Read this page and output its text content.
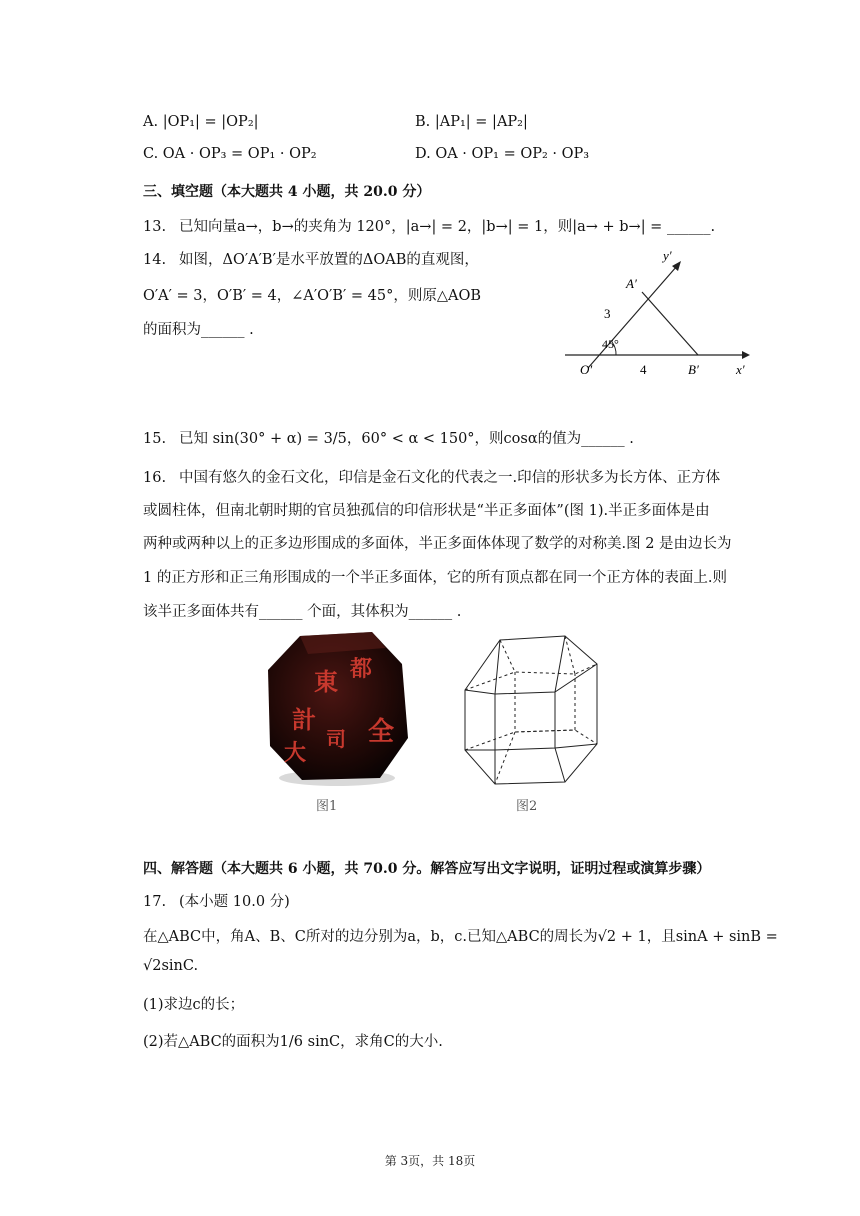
A. |OP₁| = |OP₂|	B. |AP₁| = |AP₂|
C. OA · OP₃ = OP₁ · OP₂	D. OA · OP₁ = OP₂ · OP₃
三、填空题（本大题共 4 小题，共 20.0 分）
13. 已知向量a→，b→的夹角为 120°，|a→| = 2，|b→| = 1，则|a→ + b→| = ______.
14. 如图，ΔO′A′B′是水平放置的ΔOAB的直观图，
O′A′ = 3，O′B′ = 4，∠A′O′B′ = 45°，则原△AOB
的面积为______ .
y′
x′
A′
O′	B′
3
4
45°
15. 已知 sin(30° + α) = 3/5，60° < α < 150°，则cosα的值为______ .
16. 中国有悠久的金石文化，印信是金石文化的代表之一.印信的形状多为长方体、正方体
或圆柱体，但南北朝时期的官员独孤信的印信形状是“半正多面体”(图 1).半正多面体是由
两种或两种以上的正多边形围成的多面体，半正多面体体现了数学的对称美.图 2 是由边长为
1 的正方形和正三角形围成的一个半正多面体，它的所有顶点都在同一个正方体的表面上.则
该半正多面体共有______ 个面，其体积为______ .
東 都
計
大
司 全
图1	图2
四、解答题（本大题共 6 小题，共 70.0 分。解答应写出文字说明，证明过程或演算步骤）
17. (本小题 10.0 分)
在△ABC中，角A、B、C所对的边分别为a，b，c.已知△ABC的周长为√2 + 1，且sinA + sinB =
√2sinC.
(1)求边c的长；
(2)若△ABC的面积为1/6 sinC，求角C的大小.
第 3页，共 18页
